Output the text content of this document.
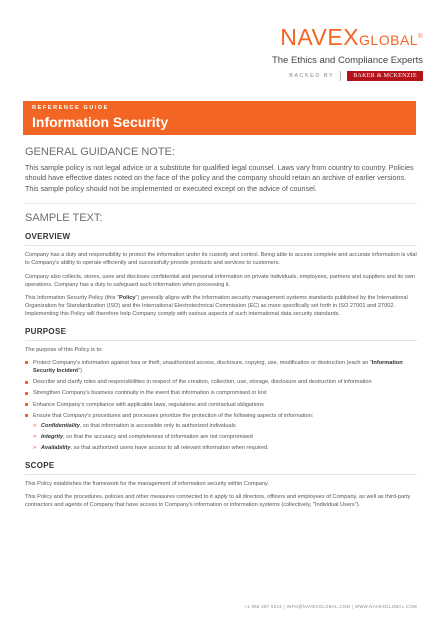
NAVEXGLOBAL®
The Ethics and Compliance Experts
BACKED BY	BAKER & MCKENZIE
REFERENCE GUIDE
Information Security
GENERAL GUIDANCE NOTE:

This sample policy is not legal advice or a substitute for qualified legal counsel. Laws vary from country to country. Policies should have effective dates noted on the face of the policy and the company should retain an archive of earlier versions. This sample policy should not be implemented or executed except on the advice of counsel.

SAMPLE TEXT:
OVERVIEW

Company has a duty and responsibility to protect the information under its custody and control. Being able to access complete and accurate information is vital to Company's ability to operate efficiently and successfully provide products and services to customers.

Company also collects, stores, uses and discloses confidential and personal information on private individuals, employees, partners and suppliers and its own operations. Company has a duty to safeguard such information when processing it.

This Information Security Policy (this "Policy") generally aligns with the information security management systems standards published by the International Organization for Standardization (ISO) and the International Electrotechnical Commission (EC) as more specifically set forth in ISO 27001 and 27002. Implementing this Policy will therefore help Company comply with various aspects of such international data security standards.

PURPOSE

The purpose of this Policy is to:

Protect Company's information against loss or theft, unauthorized access, disclosure, copying, use, modification or destruction (each an "Information Security Incident")
Describe and clarify roles and responsibilities in respect of the creation, collection, use, storage, disclosure and destruction of information
Strengthen Company's business continuity in the event that information is compromised or lost
Enhance Company's compliance with applicable laws, regulations and contractual obligations
Ensure that Company's procedures and processes prioritize the protection of the following aspects of information:
» Confidentiality, so that information is accessible only to authorized individuals
» Integrity, so that the accuracy and completeness of information are not compromised
» Availability, so that authorized users have access to all relevant information when required.
SCOPE

This Policy establishes the framework for the management of information security within Company.

This Policy and the procedures, policies and other measures connected to it apply to all directors, officers and employees of Company, as well as third-party contractors and agents of Company that have access to Company's information or information systems (collectively, "Individual Users").

+1 866 297 0224 | INFO@NAVEXGLOBAL.COM | WWW.NAVEXGLOBAL.COM
